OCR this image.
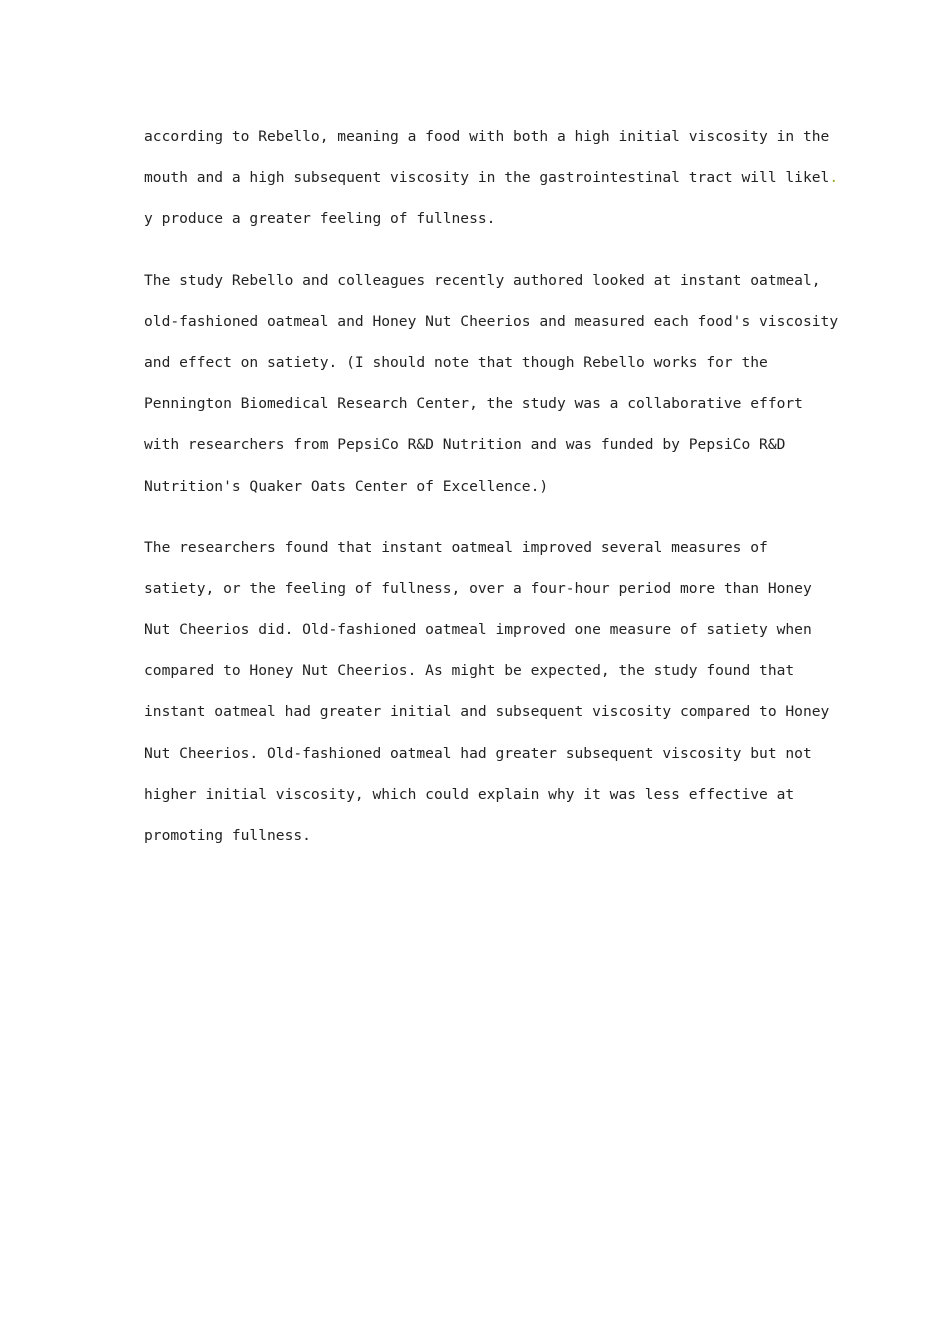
according to Rebello, meaning a food with both a high initial viscosity in the
mouth and a high subsequent viscosity in the gastrointestinal tract will likel.
y produce a greater feeling of fullness.
The study Rebello and colleagues recently authored looked at instant oatmeal,
old-fashioned oatmeal and Honey Nut Cheerios and measured each food's viscosity
and effect on satiety. (I should note that though Rebello works for the
Pennington Biomedical Research Center, the study was a collaborative effort
with researchers from PepsiCo R&D Nutrition and was funded by PepsiCo R&D
Nutrition's Quaker Oats Center of Excellence.)
The researchers found that instant oatmeal improved several measures of
satiety, or the feeling of fullness, over a four-hour period more than Honey
Nut Cheerios did. Old-fashioned oatmeal improved one measure of satiety when
compared to Honey Nut Cheerios. As might be expected, the study found that
instant oatmeal had greater initial and subsequent viscosity compared to Honey
Nut Cheerios. Old-fashioned oatmeal had greater subsequent viscosity but not
higher initial viscosity, which could explain why it was less effective at
promoting fullness.
